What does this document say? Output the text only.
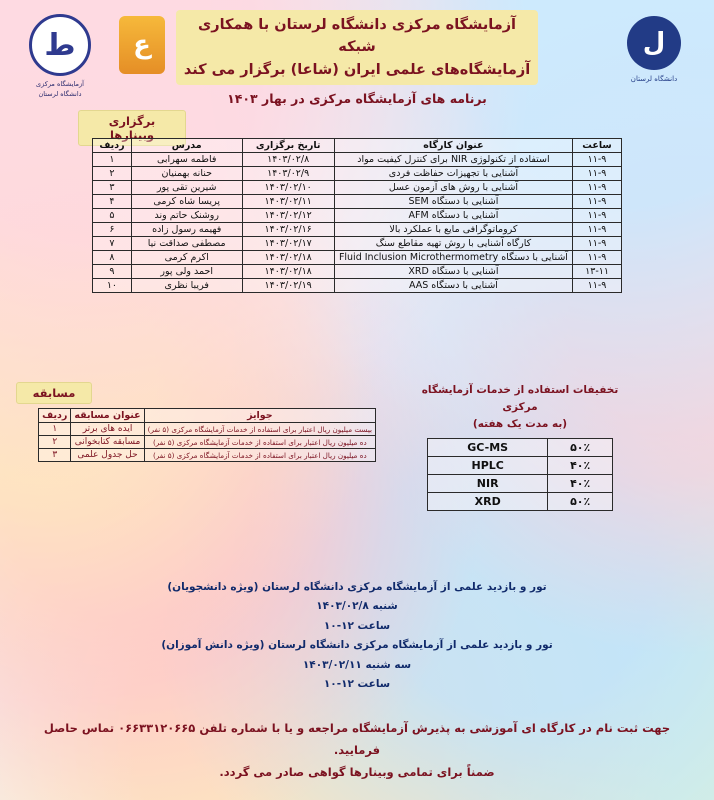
ط
آزمایشگاه مرکزی
دانشگاه لرستان
ع
آزمایشگاه مرکزی دانشگاه لرستان با همکاری شبکه
آزمایشگاه‌های علمی ایران (شاعا) برگزار می کند
برنامه های آزمایشگاه مرکزی در بهار ۱۴۰۳
ل
دانشگاه لرستان
برگزاری وبینارها
ساعت	عنوان کارگاه	تاریخ برگزاری	مدرس	ردیف
۱۱-۹	استفاده از تکنولوژی NIR برای کنترل کیفیت مواد	۱۴۰۳/۰۲/۸	فاطمه سهرابی	۱
۱۱-۹	آشنایی با تجهیزات حفاظت فردی	۱۴۰۳/۰۲/۹	حنانه بهمنیان	۲
۱۱-۹	آشنایی با روش های آزمون عسل	۱۴۰۳/۰۲/۱۰	شیرین تقی پور	۳
۱۱-۹	آشنایی با دستگاه SEM	۱۴۰۳/۰۲/۱۱	پریسا شاه کرمی	۴
۱۱-۹	آشنایی با دستگاه AFM	۱۴۰۳/۰۲/۱۲	روشنک حاتم وند	۵
۱۱-۹	کروماتوگرافی مایع با عملکرد بالا	۱۴۰۳/۰۲/۱۶	فهیمه رسول زاده	۶
۱۱-۹	کارگاه آشنایی با روش تهیه مقاطع سنگ	۱۴۰۳/۰۲/۱۷	مصطفی صداقت نیا	۷
۱۱-۹	آشنایی با دستگاه Fluid Inclusion Microthermometry	۱۴۰۳/۰۲/۱۸	اکرم کرمی	۸
۱۳-۱۱	آشنایی با دستگاه XRD	۱۴۰۳/۰۲/۱۸	احمد ولی پور	۹
۱۱-۹	آشنایی با دستگاه AAS	۱۴۰۳/۰۲/۱۹	فریبا نظری	۱۰
مسابقه
جوایز	عنوان مسابقه	ردیف
بیست میلیون ریال اعتبار برای استفاده از خدمات آزمایشگاه مرکزی (۵ نفر)	ایده های برتر	۱
ده میلیون ریال اعتبار برای استفاده از خدمات آزمایشگاه مرکزی (۵ نفر)	مسابقه کتابخوانی	۲
ده میلیون ریال اعتبار برای استفاده از خدمات آزمایشگاه مرکزی (۵ نفر)	حل جدول علمی	۳
تخفیفات استفاده از خدمات آزمایشگاه مرکزی
(به مدت یک هفته)
۵۰٪	GC-MS
۴۰٪	HPLC
۴۰٪	NIR
۵۰٪	XRD
تور و بازدید علمی از آزمایشگاه مرکزی دانشگاه لرستان (ویژه دانشجویان)
شنبه ۱۴۰۳/۰۲/۸
ساعت ۱۲-۱۰
تور و بازدید علمی از آزمایشگاه مرکزی دانشگاه لرستان (ویژه دانش آموزان)
سه شنبه ۱۴۰۳/۰۲/۱۱
ساعت ۱۲-۱۰
جهت ثبت نام در کارگاه ای آموزشی به پذیرش آزمایشگاه مراجعه و یا با شماره تلفن ۰۶۶۳۳۱۲۰۶۶۵ تماس حاصل فرمایید.
ضمناً برای تمامی وبینارها گواهی صادر می گردد.
